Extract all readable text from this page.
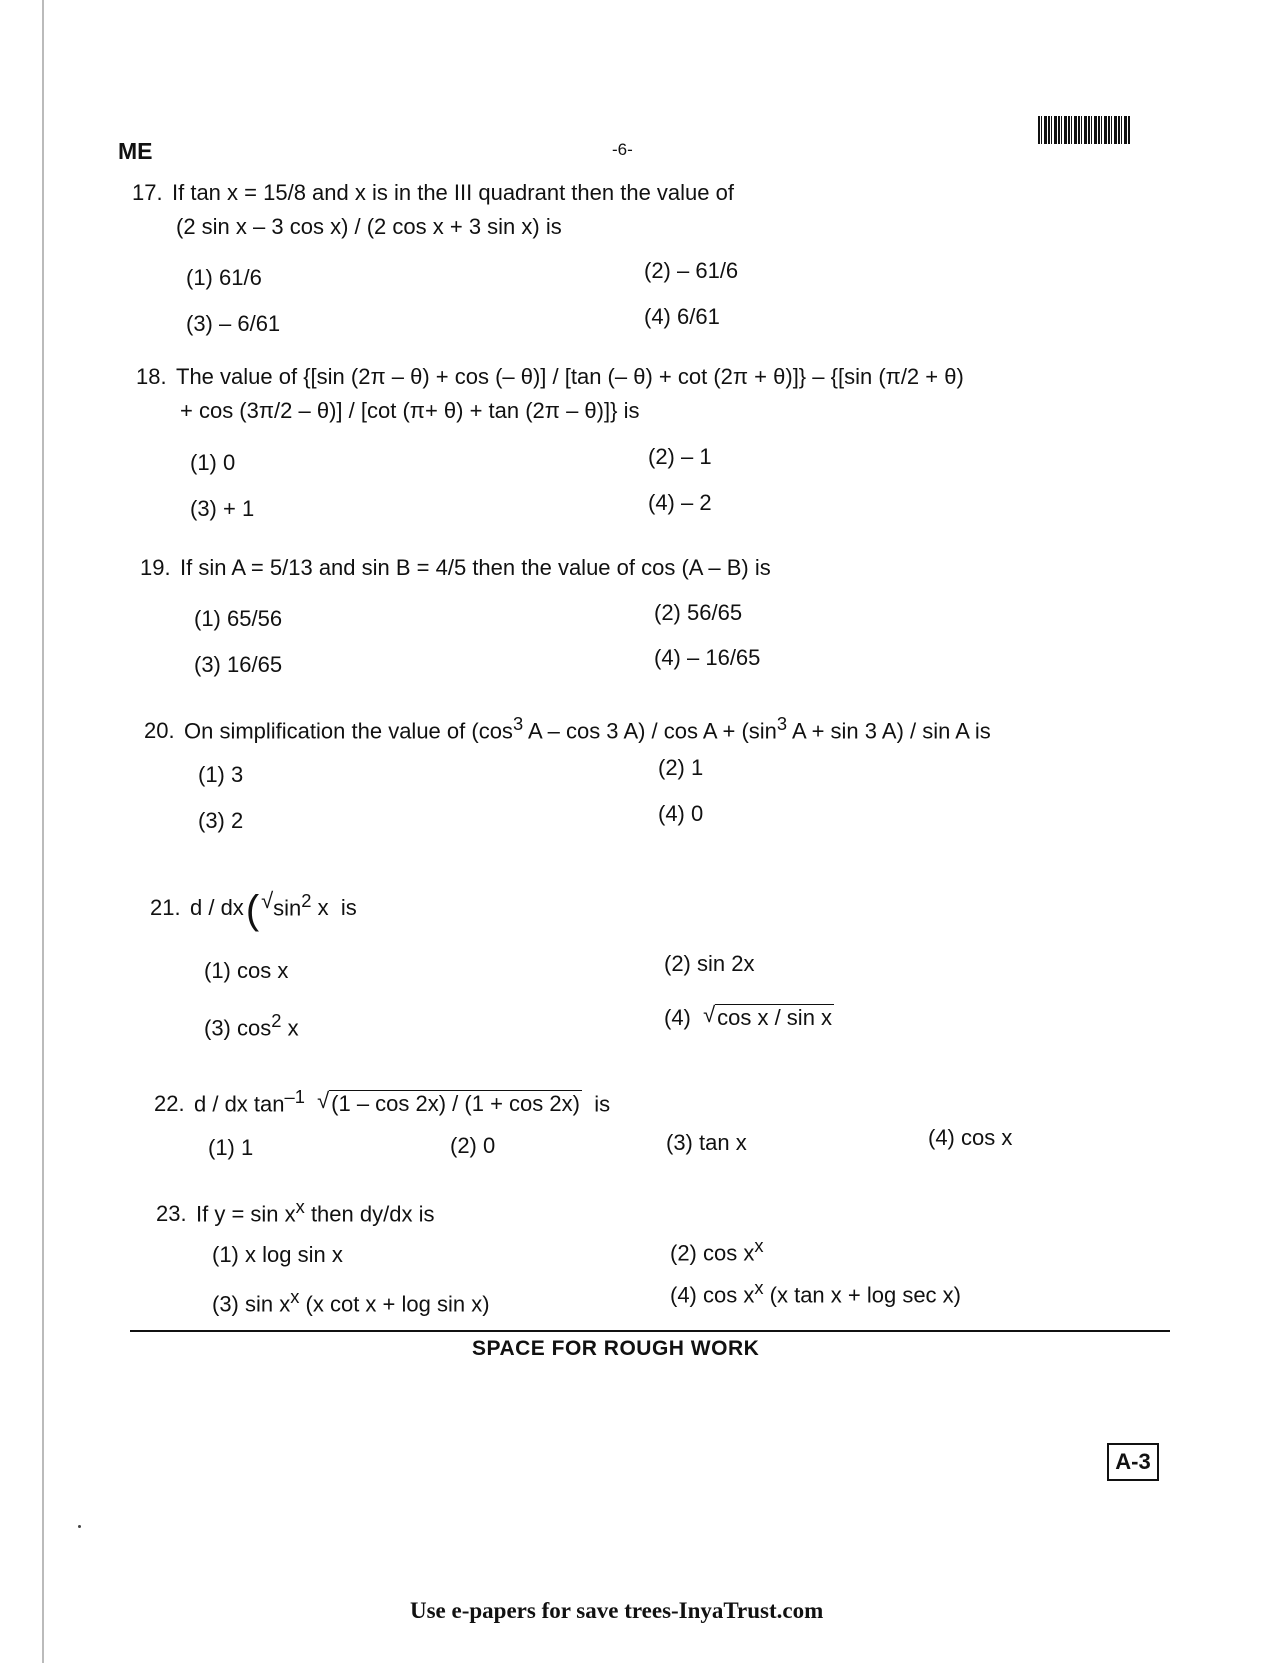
ME	-6-
17. If tan x = 15/8 and x is in the III quadrant then the value of
(2 sin x – 3 cos x) / (2 cos x + 3 sin x) is
(1) 61/6	(2) – 61/6
(3) – 6/61	(4) 6/61
18. The value of {[sin (2π – θ) + cos (– θ)] / [tan (– θ) + cot (2π + θ)]} – {[sin (π/2 + θ)
+ cos (3π/2 – θ)] / [cot (π+ θ) + tan (2π – θ)]} is
(1) 0	(2) – 1
(3) + 1	(4) – 2
19. If sin A = 5/13 and sin B = 4/5 then the value of cos (A – B) is
(1) 65/56	(2) 56/65
(3) 16/65	(4) – 16/65
20. On simplification the value of ($\cos^3$ A – cos 3 $A) / \cos A + (\sin^3$ A + sin 3 A) / sin A is
(1) 3	(2) 1
(3) 2	(4) 0
21. d / dx( √ $\sin^2 x$ is
(1) cos x	(2) sin 2x
(3) $\cos^2 x$	(4) √ cos x / sin x
22. d / dx $\tan^{-1}$ √ (1 – cos 2x) / (1 + cos 2x) is
(1) 1	(2) 0	(3) tan x	(4) cos x
23. If $y = \sin x^x$ then dy/dx is
(1) x log sin x	(2) $\cos x^x$
(3) $\sin x^x$ (x cot x + log sin x)	(4) $\cos x^x$ (x tan x + log sec x)
SPACE FOR ROUGH WORK
A-3
Use e-papers for save trees-InyaTrust.com
